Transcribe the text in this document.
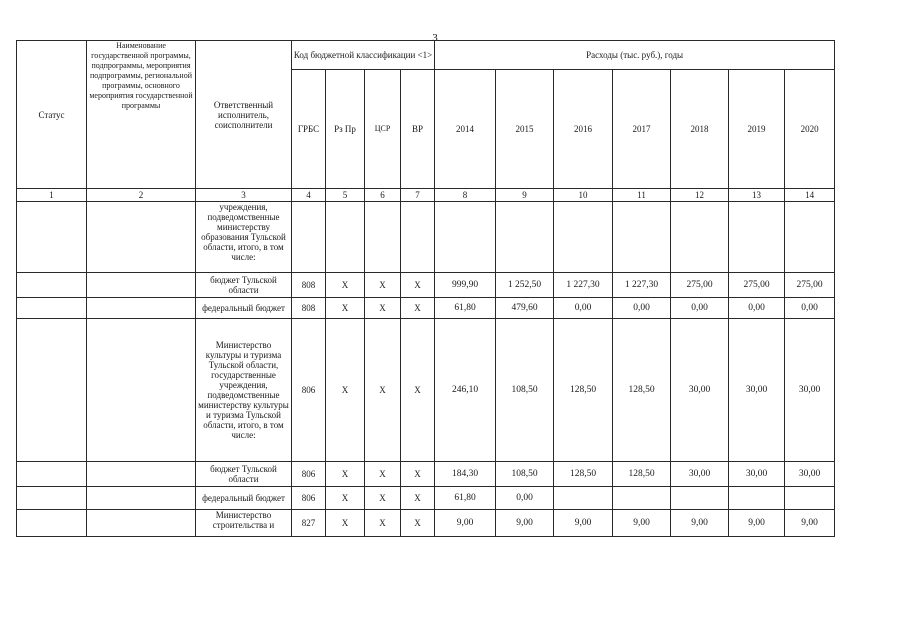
3
Статус	Наименование государственной программы, подпрограммы, мероприятия подпрограммы, региональной программы, основного мероприятия государственной программы	Ответственный исполнитель, соисполнители	Код бюджетной классификации <1>				Расходы (тыс. руб.), годы						
			ГРБС	Рз Пр	ЦСР	ВР	2014	2015	2016	2017	2018	2019	2020
1	2	3	4	5	6	7	8	9	10	11	12	13	14
		учреждения, подведомственные министерству образования Тульской области, итого, в том числе:											
		бюджет Тульской области	808	Х	Х	Х	999,90	1 252,50	1 227,30	1 227,30	275,00	275,00	275,00
		федеральный бюджет	808	Х	Х	Х	61,80	479,60	0,00	0,00	0,00	0,00	0,00
		Министерство культуры и туризма Тульской области, государственные учреждения, подведомственные министерству культуры и туризма Тульской области, итого, в том числе:	806	Х	Х	Х	246,10	108,50	128,50	128,50	30,00	30,00	30,00
		бюджет Тульской области	806	Х	Х	Х	184,30	108,50	128,50	128,50	30,00	30,00	30,00
		федеральный бюджет	806	Х	Х	Х	61,80	0,00					
		Министерство строительства и	827	Х	Х	Х	9,00	9,00	9,00	9,00	9,00	9,00	9,00
